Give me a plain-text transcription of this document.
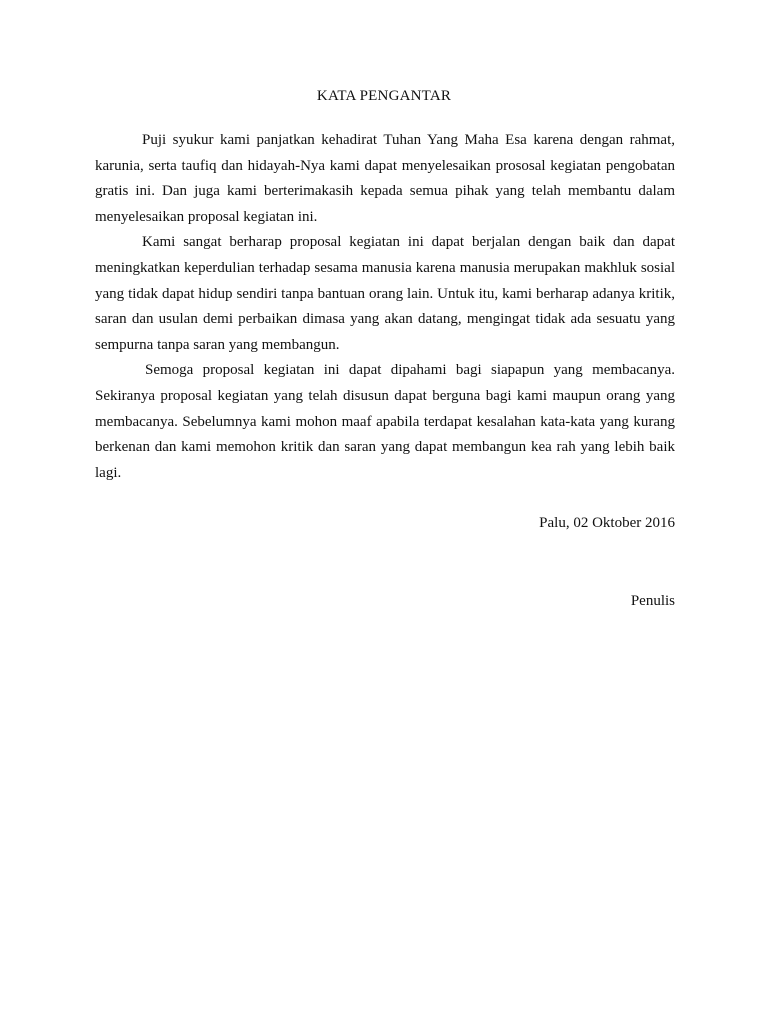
KATA PENGANTAR

Puji syukur kami panjatkan kehadirat Tuhan Yang Maha Esa karena dengan rahmat, karunia, serta taufiq dan hidayah-Nya kami dapat menyelesaikan prososal kegiatan pengobatan gratis ini. Dan juga kami berterimakasih kepada semua pihak yang telah membantu dalam menyelesaikan proposal kegiatan ini.

Kami sangat berharap proposal kegiatan ini dapat berjalan dengan baik dan dapat meningkatkan keperdulian terhadap sesama manusia karena manusia merupakan makhluk sosial yang tidak dapat hidup sendiri tanpa bantuan orang lain. Untuk itu, kami berharap adanya kritik, saran dan usulan demi perbaikan dimasa yang akan datang, mengingat tidak ada sesuatu yang sempurna tanpa saran yang membangun.

Semoga proposal kegiatan ini dapat dipahami bagi siapapun yang membacanya. Sekiranya proposal kegiatan yang telah disusun dapat berguna bagi kami maupun orang yang membacanya. Sebelumnya kami mohon maaf apabila terdapat kesalahan kata-kata yang kurang berkenan dan kami memohon kritik dan saran yang dapat membangun kea rah yang lebih baik lagi.

Palu, 02 Oktober 2016
Penulis
